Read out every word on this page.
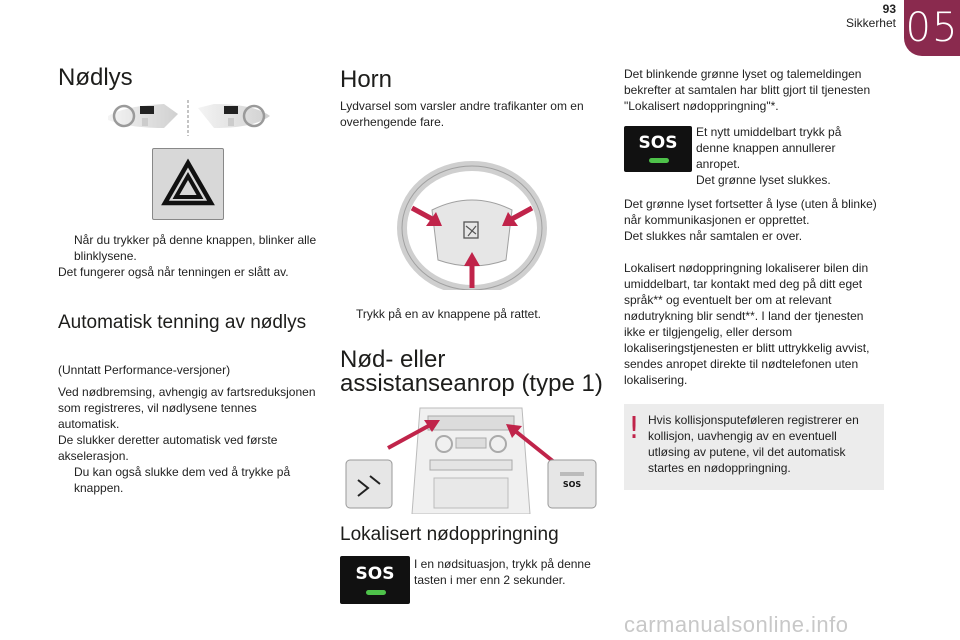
93
Sikkerhet 05
Nødlys

Når du trykker på denne knappen, blinker alle blinklysene.

Det fungerer også når tenningen er slått av.

Automatisk tenning av nødlys

(Unntatt Performance-versjoner)

Ved nødbremsing, avhengig av fartsreduksjonen som registreres, vil nødlysene tennes automatisk.

De slukker deretter automatisk ved første akselerasjon.

Du kan også slukke dem ved å trykke på knappen.

Horn

Lydvarsel som varsler andre trafikanter om en overhengende fare.

Trykk på en av knappene på rattet.

Nød- eller
assistanseanrop (type 1)
SOS
Lokalisert nødoppringning
SOS	I en nødsituasjon, trykk på denne tasten i mer enn 2 sekunder.

Det blinkende grønne lyset og talemeldingen bekrefter at samtalen har blitt gjort til tjenesten "Lokalisert nødoppringning"*.

SOS

Et nytt umiddelbart trykk på denne knappen annullerer anropet.

Det grønne lyset slukkes.

Det grønne lyset fortsetter å lyse (uten å blinke) når kommunikasjonen er opprettet.

Det slukkes når samtalen er over.

Lokalisert nødoppringning lokaliserer bilen din umiddelbart, tar kontakt med deg på ditt eget språk** og eventuelt ber om at relevant nødutrykning blir sendt**. I land der tjenesten ikke er tilgjengelig, eller dersom lokaliseringstjenesten er blitt uttrykkelig avvist, sendes anropet direkte til nødtelefonen uten lokalisering.

! Hvis kollisjonsputeføleren registrerer en kollisjon, uavhengig av en eventuell utløsing av putene, vil det automatisk startes en nødoppringning.

carmanualsonline.info
